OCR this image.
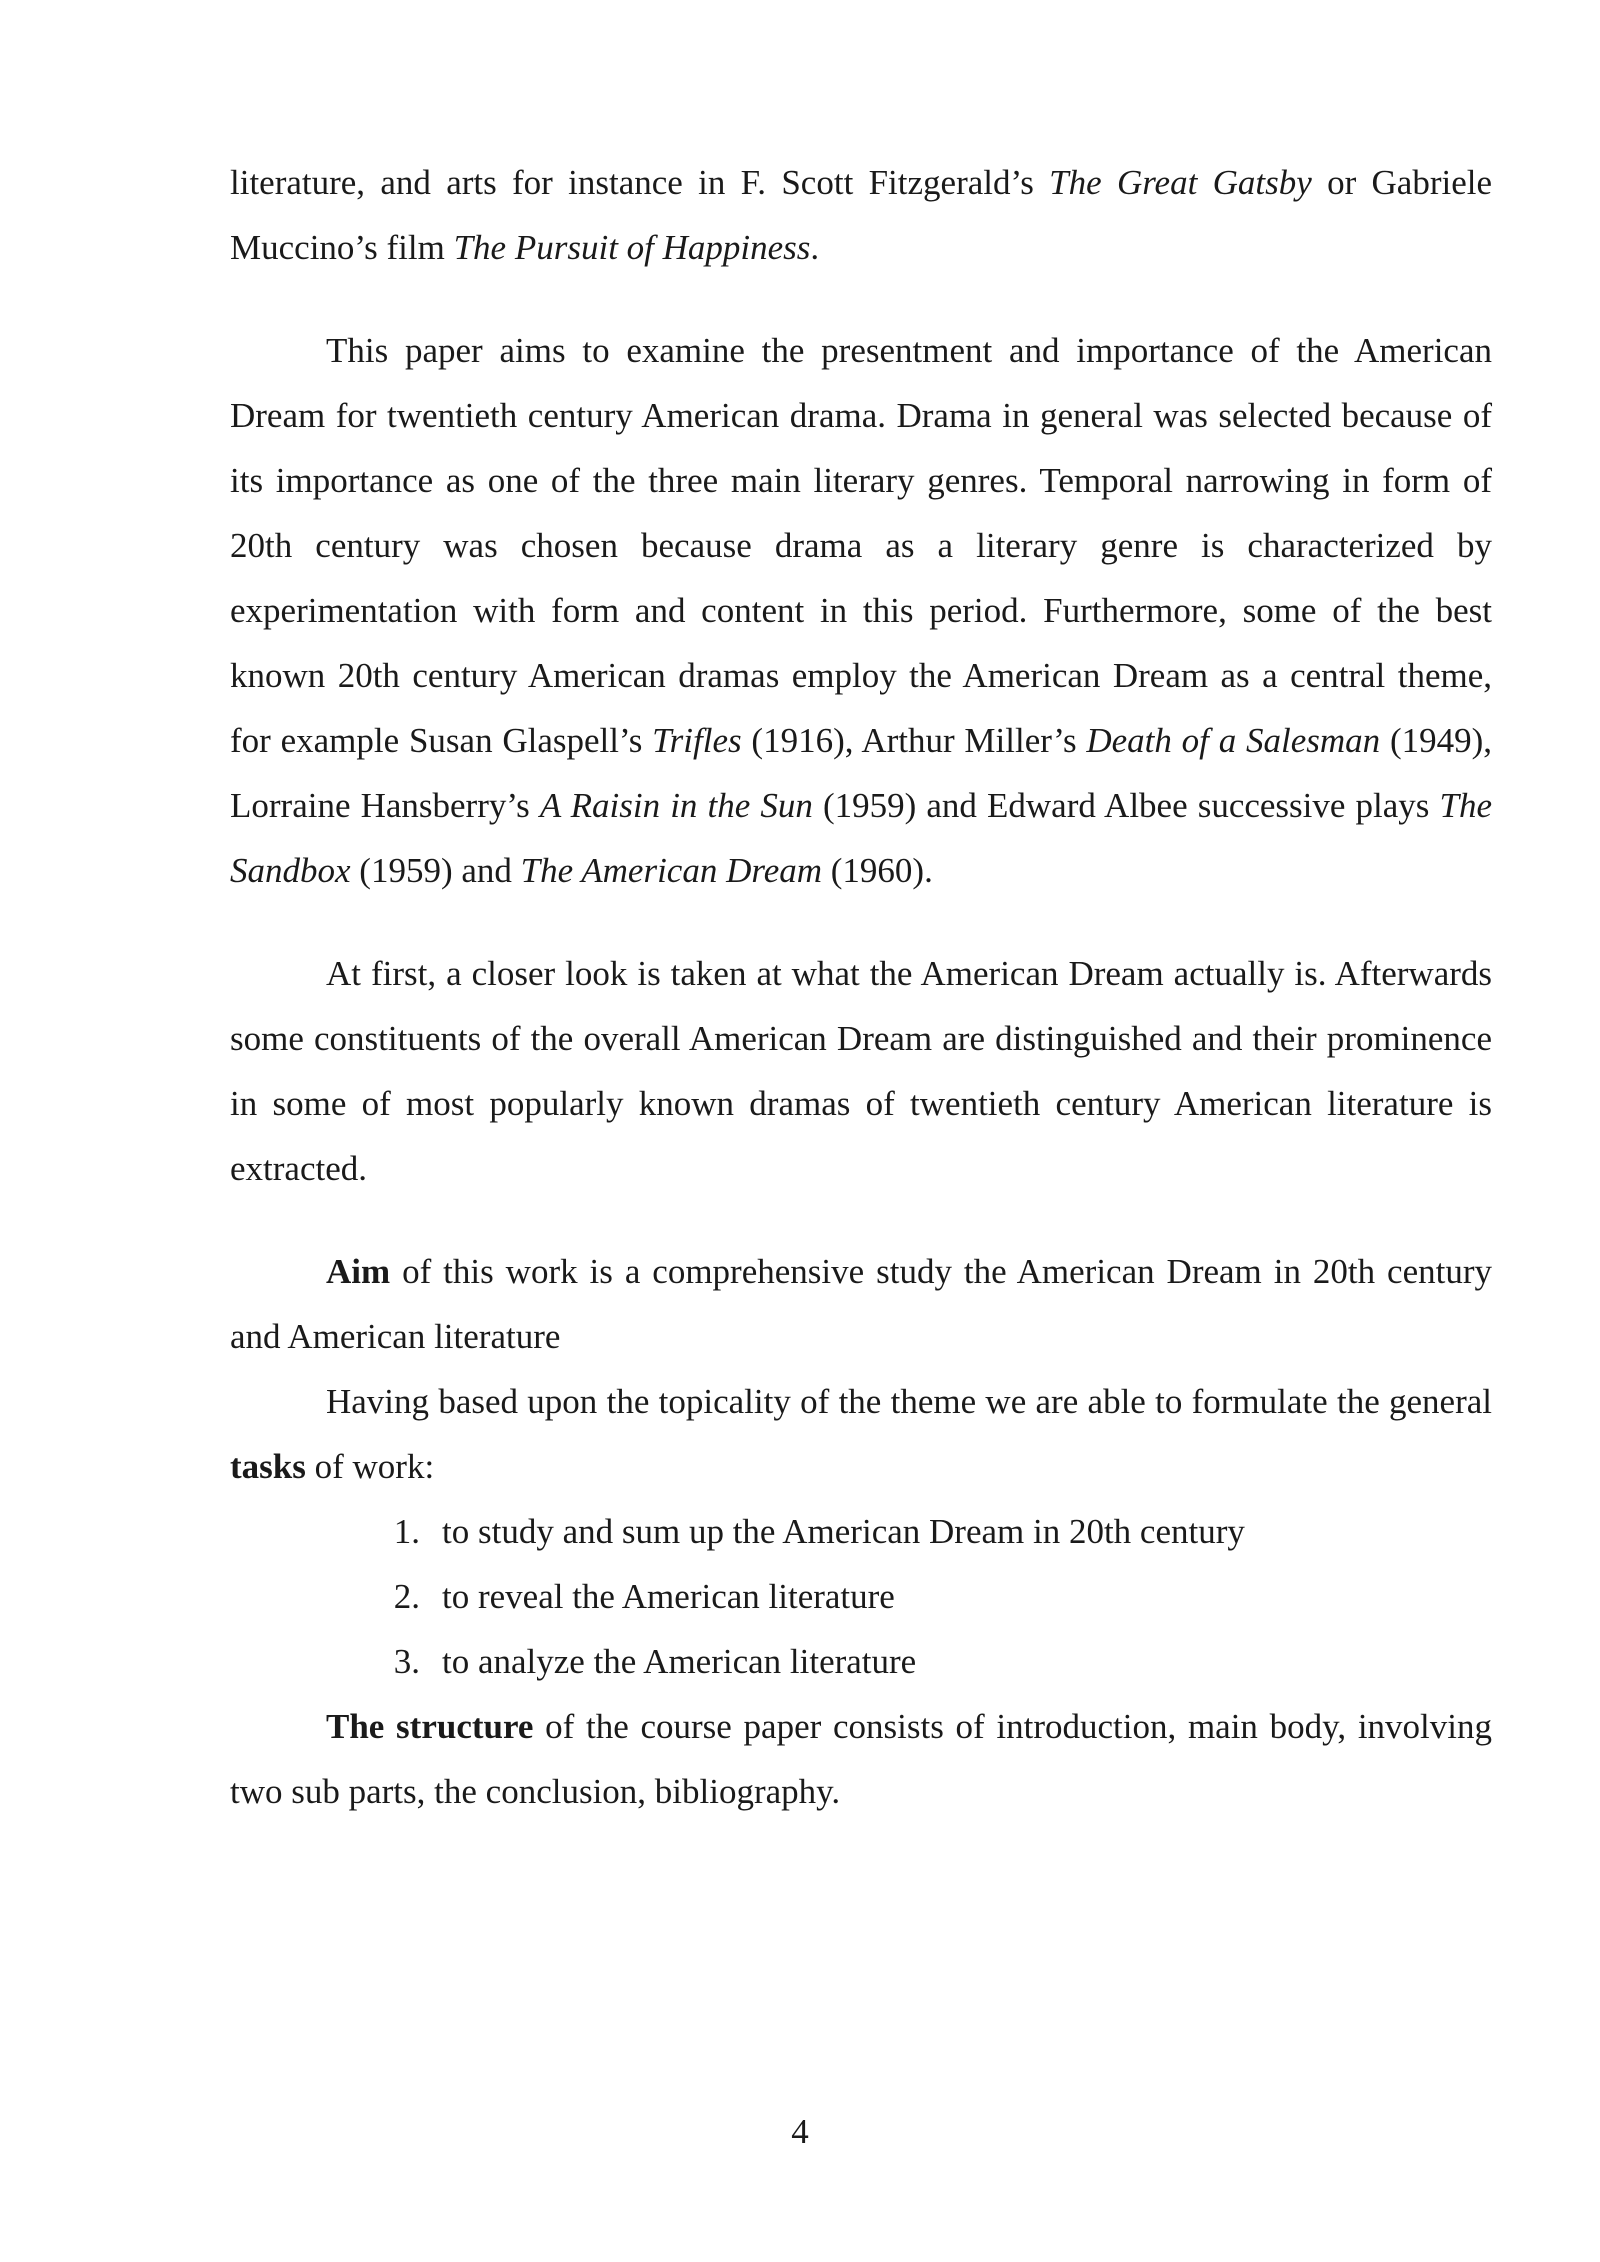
literature, and arts for instance in F. Scott Fitzgerald’s The Great Gatsby or Gabriele Muccino’s film The Pursuit of Happiness.

This paper aims to examine the presentment and importance of the American Dream for twentieth century American drama. Drama in general was selected because of its importance as one of the three main literary genres. Temporal narrowing in form of 20th century was chosen because drama as a literary genre is characterized by experimentation with form and content in this period. Furthermore, some of the best known 20th century American dramas employ the American Dream as a central theme, for example Susan Glaspell’s Trifles (1916), Arthur Miller’s Death of a Salesman (1949), Lorraine Hansberry’s A Raisin in the Sun (1959) and Edward Albee successive plays The Sandbox (1959) and The American Dream (1960).

At first, a closer look is taken at what the American Dream actually is. Afterwards some constituents of the overall American Dream are distinguished and their prominence in some of most popularly known dramas of twentieth century American literature is extracted.

Aim of this work is a comprehensive study the American Dream in 20th century and American literature

Having based upon the topicality of the theme we are able to formulate the general tasks of work:

1. to study and sum up the American Dream in 20th century
2. to reveal the American literature
3. to analyze the American literature

The structure of the course paper consists of introduction, main body, involving two sub parts, the conclusion, bibliography.

4
